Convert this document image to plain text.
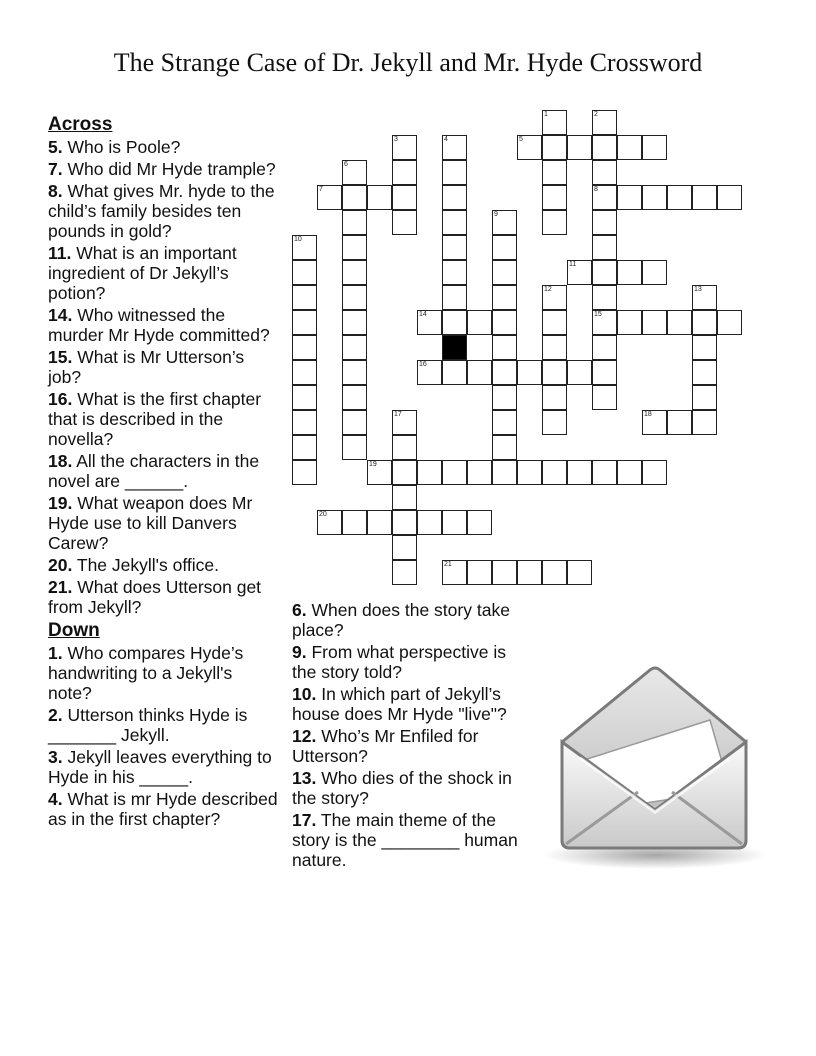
The Strange Case of Dr. Jekyll and Mr. Hyde Crossword
Across
5. Who is Poole?
7. Who did Mr Hyde trample?
8. What gives Mr. hyde to the child’s family besides ten pounds in gold?
11. What is an important ingredient of Dr Jekyll’s potion?
14. Who witnessed the murder Mr Hyde committed?
15. What is Mr Utterson’s job?
16. What is the first chapter that is described in the novella?
18. All the characters in the novel are ______.
19. What weapon does Mr Hyde use to kill Danvers Carew?
20. The Jekyll's office.
21. What does Utterson get from Jekyll?
Down
1. Who compares Hyde’s handwriting to a Jekyll's note?
2. Utterson thinks Hyde is _______ Jekyll.
3. Jekyll leaves everything to Hyde in his _____.
4. What is mr Hyde described as in the first chapter?
6. When does the story take place?
9. From what perspective is the story told?
10. In which part of Jekyll’s house does Mr Hyde "live"?
12. Who’s Mr Enfiled for Utterson?
13. Who dies of the shock in the story?
17. The main theme of the story is the ________ human nature.
1	2
3	4	5
6
7	8
9
10
11
12	13
14	15
16
17	18
19
20
21
